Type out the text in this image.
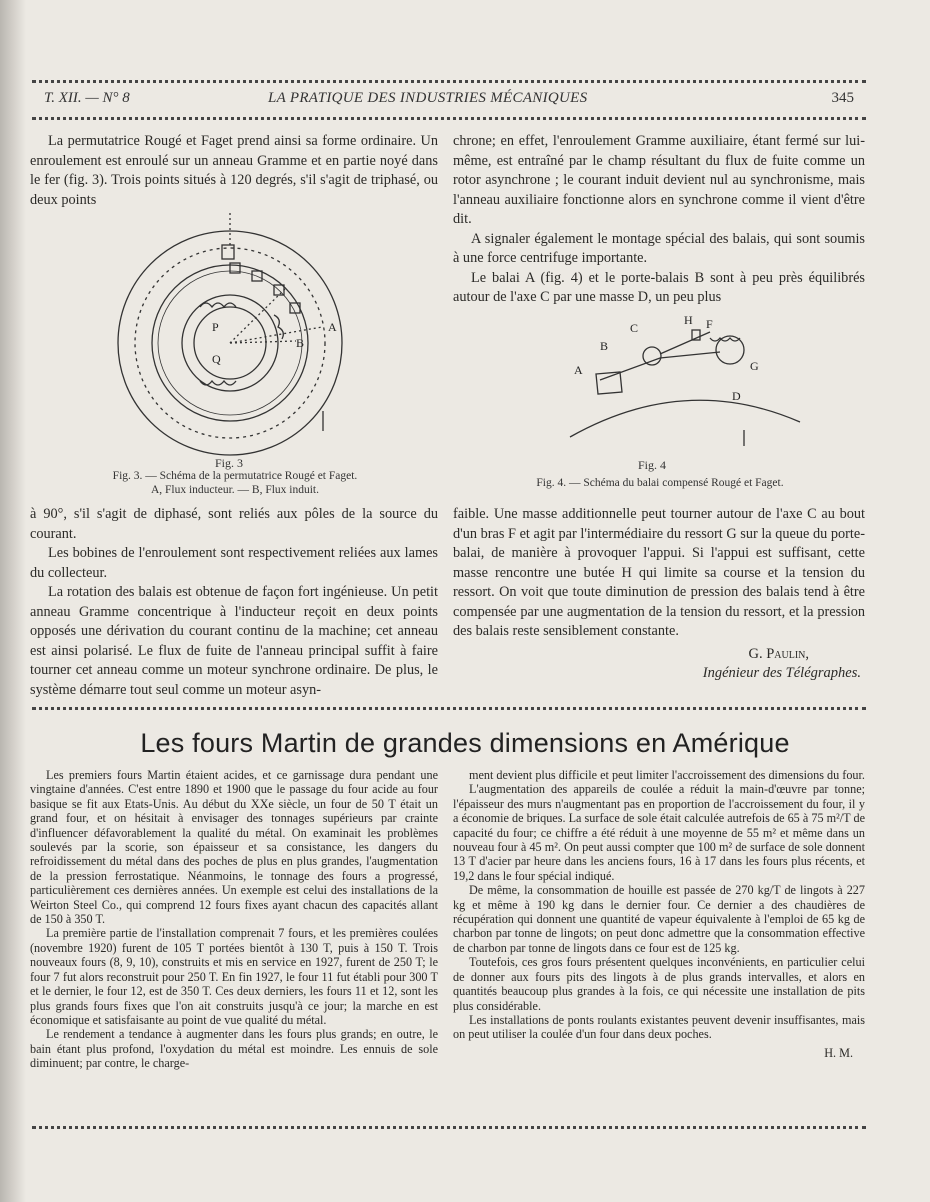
T. XII. — N° 8	LA PRATIQUE DES INDUSTRIES MÉCANIQUES	345

La permutatrice Rougé et Faget prend ainsi sa forme ordinaire. Un enroulement est enroulé sur un anneau Gramme et en partie noyé dans le fer (fig. 3). Trois points situés à 120 degrés, s'il s'agit de triphasé, ou deux points

P
Q
A
B
Fig. 3
Fig. 3. — Schéma de la permutatrice Rougé et Faget.
A, Flux inducteur. — B, Flux induit.

à 90°, s'il s'agit de diphasé, sont reliés aux pôles de la source du courant.

Les bobines de l'enroulement sont respectivement reliées aux lames du collecteur.

La rotation des balais est obtenue de façon fort ingénieuse. Un petit anneau Gramme concentrique à l'inducteur reçoit en deux points opposés une dérivation du courant continu de la machine; cet anneau est ainsi polarisé. Le flux de fuite de l'anneau principal suffit à faire tourner cet anneau comme un moteur synchrone ordinaire. De plus, le système démarre tout seul comme un moteur asyn-

chrone; en effet, l'enroulement Gramme auxiliaire, étant fermé sur lui-même, est entraîné par le champ résultant du flux de fuite comme un rotor asynchrone ; le courant induit devient nul au synchronisme, mais l'anneau auxiliaire fonctionne alors en synchrone comme il vient d'être dit.

A signaler également le montage spécial des balais, qui sont soumis à une force centrifuge importante.

Le balai A (fig. 4) et le porte-balais B sont à peu près équilibrés autour de l'axe C par une masse D, un peu plus

A
B
C
D
F
G
H
Fig. 4
Fig. 4. — Schéma du balai compensé Rougé et Faget.

faible. Une masse additionnelle peut tourner autour de l'axe C au bout d'un bras F et agit par l'intermédiaire du ressort G sur la queue du porte-balai, de manière à provoquer l'appui. Si l'appui est suffisant, cette masse rencontre une butée H qui limite sa course et la tension du ressort. On voit que toute diminution de pression des balais tend à être compensée par une augmentation de la tension du ressort, et la pression des balais reste sensiblement constante.

G. Paulin,
Ingénieur des Télégraphes.
Les fours Martin de grandes dimensions en Amérique

Les premiers fours Martin étaient acides, et ce garnissage dura pendant une vingtaine d'années. C'est entre 1890 et 1900 que le passage du four acide au four basique se fit aux Etats-Unis. Au début du XXe siècle, un four de 50 T était un grand four, et on hésitait à envisager des tonnages supérieurs par crainte d'influencer défavorablement la qualité du métal. On examinait les problèmes soulevés par la scorie, son épaisseur et sa consistance, les dangers du refroidissement du métal dans des poches de plus en plus grandes, l'augmentation de la pression ferrostatique. Néanmoins, le tonnage des fours a progressé, particulièrement ces dernières années. Un exemple est celui des installations de la Weirton Steel Co., qui comprend 12 fours fixes ayant chacun des capacités allant de 150 à 350 T.

La première partie de l'installation comprenait 7 fours, et les premières coulées (novembre 1920) furent de 105 T portées bientôt à 130 T, puis à 150 T. Trois nouveaux fours (8, 9, 10), construits et mis en service en 1927, furent de 250 T; le four 7 fut alors reconstruit pour 250 T. En fin 1927, le four 11 fut établi pour 300 T et le dernier, le four 12, est de 350 T. Ces deux derniers, les fours 11 et 12, sont les plus grands fours fixes que l'on ait construits jusqu'à ce jour; la marche en est économique et satisfaisante au point de vue qualité du métal.

Le rendement a tendance à augmenter dans les fours plus grands; en outre, le bain étant plus profond, l'oxydation du métal est moindre. Les ennuis de sole diminuent; par contre, le charge-

ment devient plus difficile et peut limiter l'accroissement des dimensions du four.

L'augmentation des appareils de coulée a réduit la main-d'œuvre par tonne; l'épaisseur des murs n'augmentant pas en proportion de l'accroissement du four, il y a économie de briques. La surface de sole était calculée autrefois de 65 à 75 m²/T de capacité du four; ce chiffre a été réduit à une moyenne de 55 m² et même dans un nouveau four à 45 m². On peut aussi compter que 100 m² de surface de sole donnent 13 T d'acier par heure dans les anciens fours, 16 à 17 dans les fours plus récents, et 19,2 dans le four spécial indiqué.

De même, la consommation de houille est passée de 270 kg/T de lingots à 227 kg et même à 190 kg dans le dernier four. Ce dernier a des chaudières de récupération qui donnent une quantité de vapeur équivalente à l'emploi de 65 kg de charbon par tonne de lingots; on peut donc admettre que la consommation effective de charbon par tonne de lingots dans ce four est de 125 kg.

Toutefois, ces gros fours présentent quelques inconvénients, en particulier celui de donner aux fours pits des lingots à de plus grands intervalles, et alors en quantités beaucoup plus grandes à la fois, ce qui nécessite une installation de pits plus considérable.

Les installations de ponts roulants existantes peuvent devenir insuffisantes, mais on peut utiliser la coulée d'un four dans deux poches.

H. M.
